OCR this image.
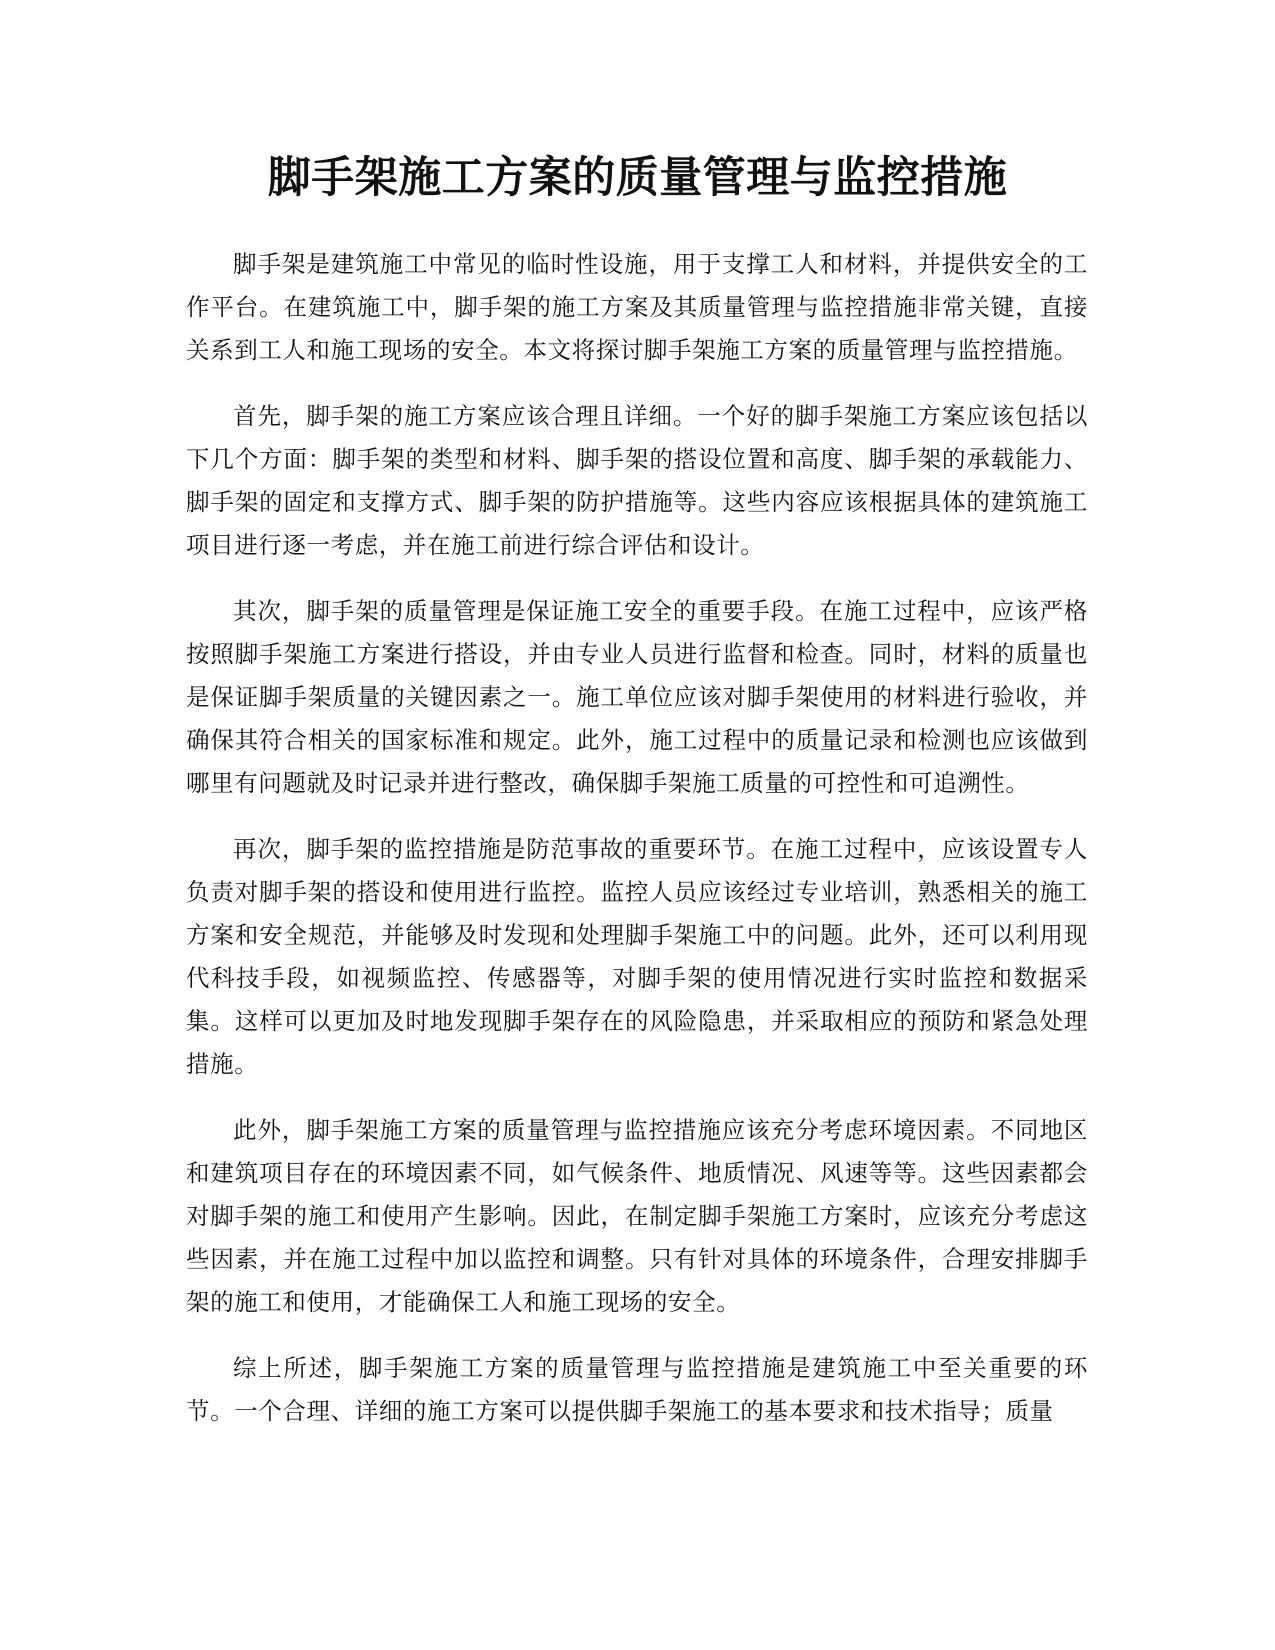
脚手架施工方案的质量管理与监控措施

脚手架是建筑施工中常见的临时性设施，用于支撑工人和材料，并提供安全的工作平台。在建筑施工中，脚手架的施工方案及其质量管理与监控措施非常关键，直接关系到工人和施工现场的安全。本文将探讨脚手架施工方案的质量管理与监控措施。

首先，脚手架的施工方案应该合理且详细。一个好的脚手架施工方案应该包括以下几个方面：脚手架的类型和材料、脚手架的搭设位置和高度、脚手架的承载能力、脚手架的固定和支撑方式、脚手架的防护措施等。这些内容应该根据具体的建筑施工项目进行逐一考虑，并在施工前进行综合评估和设计。

其次，脚手架的质量管理是保证施工安全的重要手段。在施工过程中，应该严格按照脚手架施工方案进行搭设，并由专业人员进行监督和检查。同时，材料的质量也是保证脚手架质量的关键因素之一。施工单位应该对脚手架使用的材料进行验收，并确保其符合相关的国家标准和规定。此外，施工过程中的质量记录和检测也应该做到哪里有问题就及时记录并进行整改，确保脚手架施工质量的可控性和可追溯性。

再次，脚手架的监控措施是防范事故的重要环节。在施工过程中，应该设置专人负责对脚手架的搭设和使用进行监控。监控人员应该经过专业培训，熟悉相关的施工方案和安全规范，并能够及时发现和处理脚手架施工中的问题。此外，还可以利用现代科技手段，如视频监控、传感器等，对脚手架的使用情况进行实时监控和数据采集。这样可以更加及时地发现脚手架存在的风险隐患，并采取相应的预防和紧急处理措施。

此外，脚手架施工方案的质量管理与监控措施应该充分考虑环境因素。不同地区和建筑项目存在的环境因素不同，如气候条件、地质情况、风速等等。这些因素都会对脚手架的施工和使用产生影响。因此，在制定脚手架施工方案时，应该充分考虑这些因素，并在施工过程中加以监控和调整。只有针对具体的环境条件，合理安排脚手架的施工和使用，才能确保工人和施工现场的安全。

综上所述，脚手架施工方案的质量管理与监控措施是建筑施工中至关重要的环节。一个合理、详细的施工方案可以提供脚手架施工的基本要求和技术指导；质量
